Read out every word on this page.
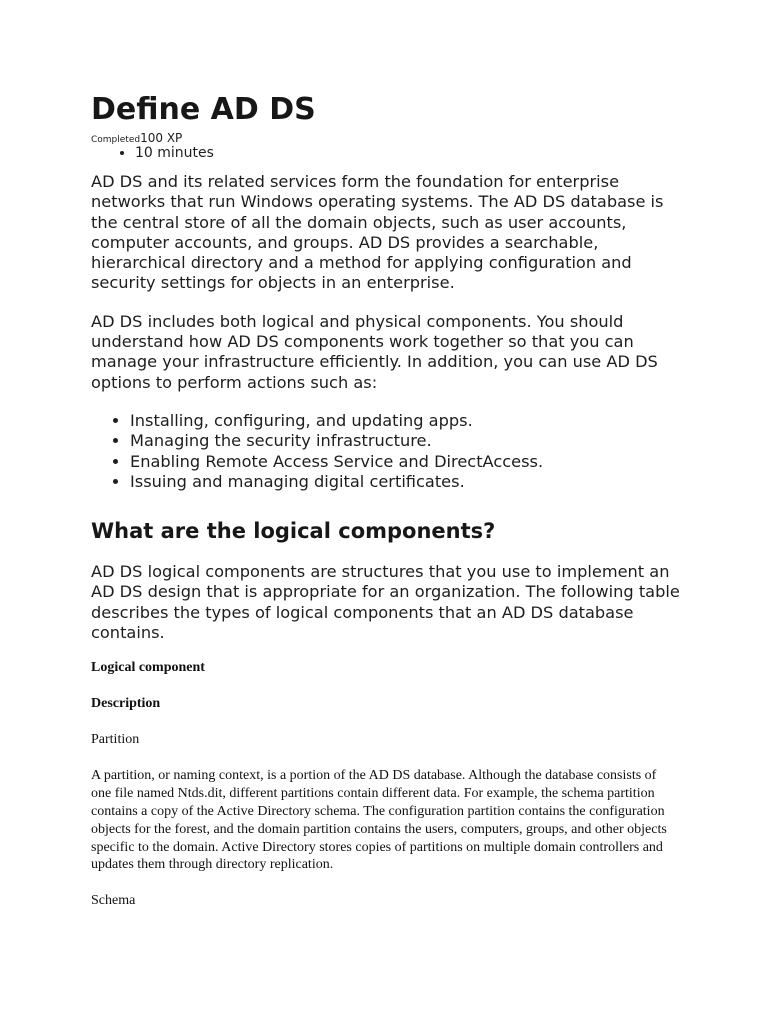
Define AD DS
Completed100 XP
• 10 minutes

AD DS and its related services form the foundation for enterprise networks that run Windows operating systems. The AD DS database is the central store of all the domain objects, such as user accounts, computer accounts, and groups. AD DS provides a searchable, hierarchical directory and a method for applying configuration and security settings for objects in an enterprise.

AD DS includes both logical and physical components. You should understand how AD DS components work together so that you can manage your infrastructure efficiently. In addition, you can use AD DS options to perform actions such as:

• Installing, configuring, and updating apps.
• Managing the security infrastructure.
• Enabling Remote Access Service and DirectAccess.
• Issuing and managing digital certificates.
What are the logical components?

AD DS logical components are structures that you use to implement an AD DS design that is appropriate for an organization. The following table describes the types of logical components that an AD DS database contains.

Logical component

Description

Partition

A partition, or naming context, is a portion of the AD DS database. Although the database consists of one file named Ntds.dit, different partitions contain different data. For example, the schema partition contains a copy of the Active Directory schema. The configuration partition contains the configuration objects for the forest, and the domain partition contains the users, computers, groups, and other objects specific to the domain. Active Directory stores copies of partitions on multiple domain controllers and updates them through directory replication.

Schema
